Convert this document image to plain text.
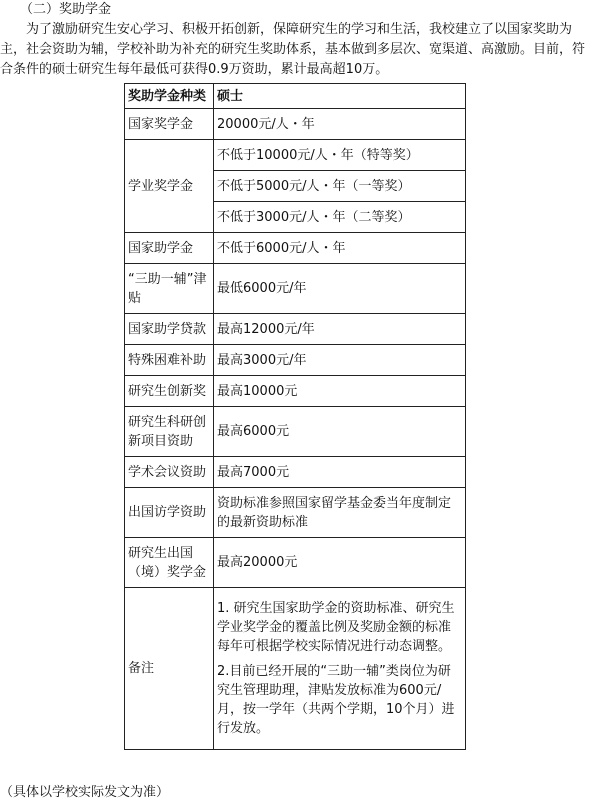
（二）奖助学金

为了激励研究生安心学习、积极开拓创新，保障研究生的学习和生活，我校建立了以国家奖助为主，社会资助为辅，学校补助为补充的研究生奖助体系，基本做到多层次、宽渠道、高激励。目前，符合条件的硕士研究生每年最低可获得0.9万资助，累计最高超10万。

奖助学金种类	硕士
国家奖学金	20000元/人・年
学业奖学金	不低于10000元/人・年（特等奖）
	不低于5000元/人・年（一等奖）
	不低于3000元/人・年（二等奖）
国家助学金	不低于6000元/人・年
“三助一辅”津贴	最低6000元/年
国家助学贷款	最高12000元/年
特殊困难补助	最高3000元/年
研究生创新奖	最高10000元
研究生科研创新项目资助	最高6000元
学术会议资助	最高7000元
出国访学资助	资助标准参照国家留学基金委当年度制定的最新资助标准
研究生出国（境）奖学金	最高20000元
备注	1. 研究生国家助学金的资助标准、研究生学业奖学金的覆盖比例及奖励金额的标准每年可根据学校实际情况进行动态调整。

2.目前已经开展的“三助一辅”类岗位为研究生管理助理，津贴发放标准为600元/月，按一学年（共两个学期，10个月）进行发放。

（具体以学校实际发文为准）
